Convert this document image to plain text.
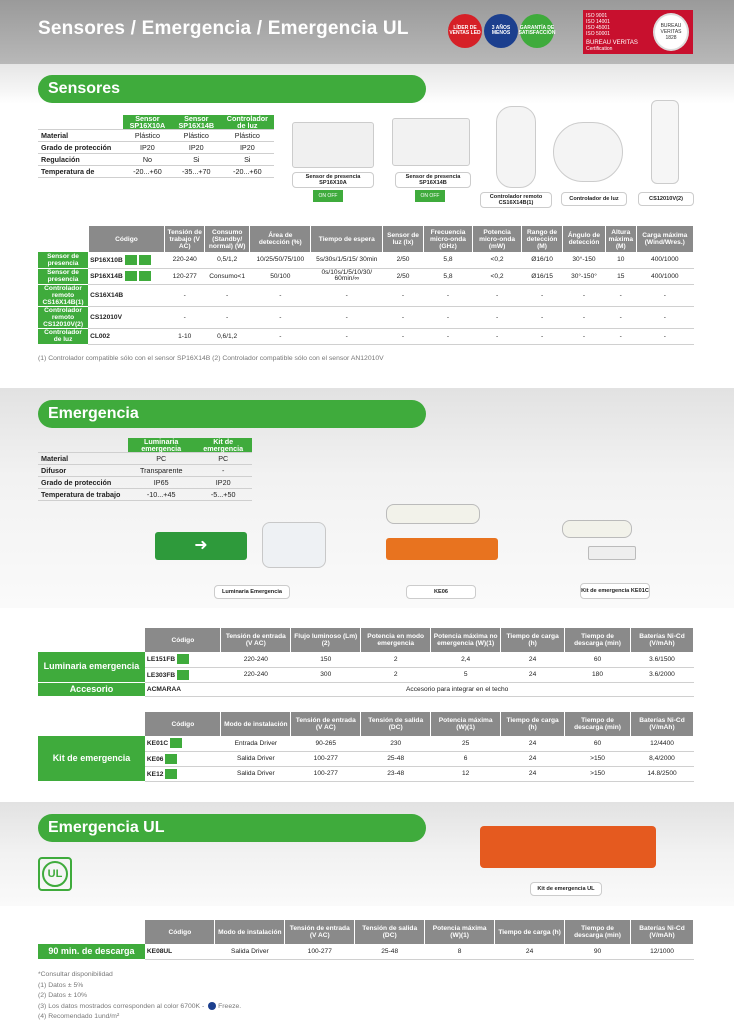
Sensores / Emergencia / Emergencia UL	LÍDER DE VENTAS LED
3 AÑOS MENOS
GARANTÍA DE SATISFACCIÓN
ISO 9001
ISO 14001
ISO 45001
ISO 50001
BUREAU VERITAS
Certification
BUREAU VERITAS 1828
Sensores
	Sensor SP16X10A	Sensor SP16X14B	Controlador de luz
Material	Plástico	Plástico	Plástico
Grado de protección	IP20	IP20	IP20
Regulación	No	Si	Si
Temperatura de	-20...+60	-35...+70	-20...+60
Sensor de presencia SP16X10A
ON OFF
Sensor de presencia SP16X14B
ON OFF	Controlador remoto CS16X14B(1)
Controlador de luz	CS12010V(2)
	Código	Tensión de trabajo (V AC)	Consumo (Standby/ normal) (W)	Área de detección (%)	Tiempo de espera	Sensor de luz (lx)	Frecuencia micro-onda (GHz)	Potencia micro-onda (mW)	Rango de detección (M)	Ángulo de detección	Altura máxima (M)	Carga máxima (Wind/Wres.)
Sensor de presencia	SP16X10B	220-240	0,5/1,2	10/25/50/75/100	5s/30s/1/5/15/ 30min	2/50	5,8	<0,2	Ø16/10	30°-150	10	400/1000
Sensor de presencia	SP16X14B	120-277	Consumo<1	50/100	0s/10s/1/5/10/30/ 60min/∞	2/50	5,8	<0,2	Ø16/15	30°-150°	15	400/1000
Controlador remoto CS16X14B(1)	CS16X14B	-	-	-	-	-	-	-	-	-	-	-
Controlador remoto CS12010V(2)	CS12010V	-	-	-	-	-	-	-	-	-	-	-
Controlador de luz	CL002	1-10	0,6/1,2	-	-	-	-	-	-	-	-	-
(1) Controlador compatible sólo con el sensor SP16X14B (2) Controlador compatible sólo con el sensor AN12010V
Emergencia
	Luminaria emergencia	Kit de emergencia
Material	PC	PC
Difusor	Transparente	-
Grado de protección	IP65	IP20
Temperatura de trabajo	-10...+45	-5...+50
➜
Luminaria Emergencia	KE06	Kit de emergencia KE01C
	Código	Tensión de entrada (V AC)	Flujo luminoso (Lm)(2)	Potencia en modo emergencia	Potencia máxima no emergencia (W)(1)	Tiempo de carga (h)	Tiempo de descarga (min)	Baterías Ni-Cd (V/mAh)
Luminaria emergencia	LE151FB	220-240	150	2	2,4	24	60	3.6/1500
	LE303FB	220-240	300	2	5	24	180	3.6/2000
Accesorio	ACMARAA	Accesorio para integrar en el techo						
	Código	Modo de instalación	Tensión de entrada (V AC)	Tensión de salida (DC)	Potencia máxima (W)(1)	Tiempo de carga (h)	Tiempo de descarga (min)	Baterías Ni-Cd (V/mAh)
Kit de emergencia	KE01C	Entrada Driver	90-265	230	25	24	60	12/4400
	KE06	Salida Driver	100-277	25-48	6	24	>150	8,4/2000
	KE12	Salida Driver	100-277	23-48	12	24	>150	14.8/2500
Emergencia UL
UL
Kit de emergencia UL
	Código	Modo de instalación	Tensión de entrada (V AC)	Tensión de salida (DC)	Potencia máxima (W)(1)	Tiempo de carga (h)	Tiempo de descarga (min)	Baterías Ni-Cd (V/mAh)
90 min. de descarga	KE08UL	Salida Driver	100-277	25-48	8	24	90	12/1000
*Consultar disponibilidad
(1) Datos ± 5%
(2) Datos ± 10%
(3) Los datos mostrados corresponden al color 6700K - Freeze.
(4) Recomendado 1und/m²
